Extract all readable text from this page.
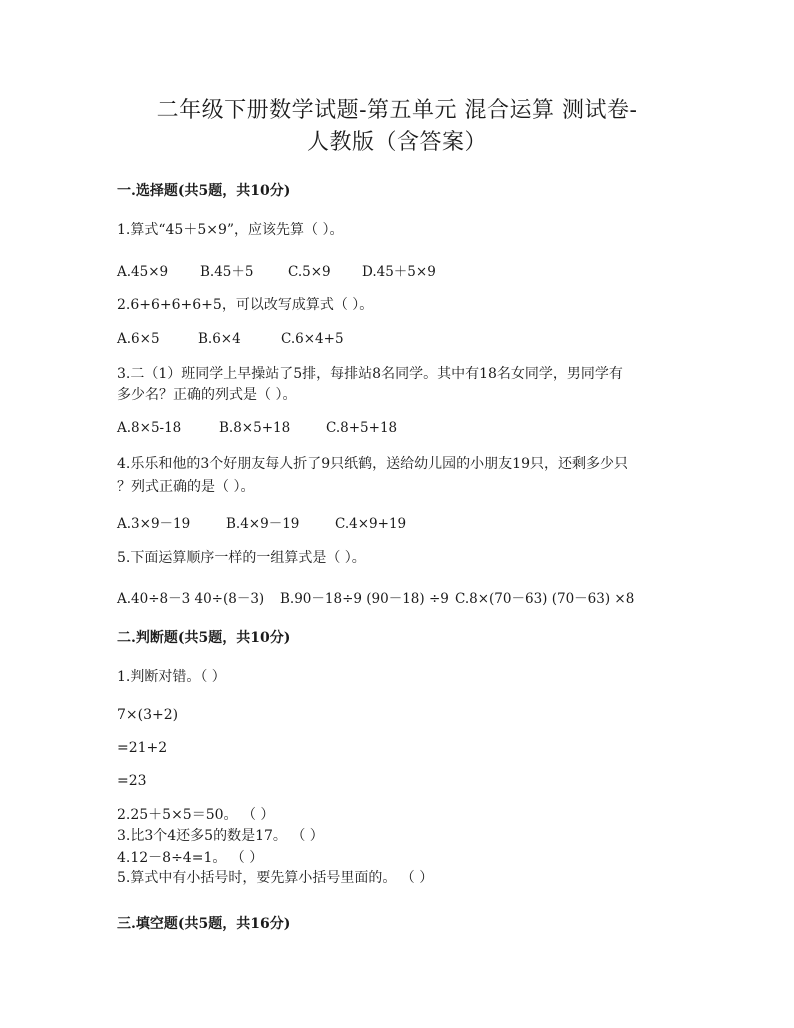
二年级下册数学试题-第五单元 混合运算 测试卷-
人教版（含答案）
一.选择题(共5题，共10分)
1.算式“45＋5×9”，应该先算（ ）。
A.45×9 B.45＋5	C.5×9 D.45＋5×9
2.6+6+6+6+5，可以改写成算式（ ）。
A.6×5	B.6×4	C.6×4+5
3.二（1）班同学上早操站了5排，每排站8名同学。其中有18名女同学，男同学有
多少名？正确的列式是（ ）。
A.8×5-18	B.8×5+18	C.8+5+18
4.乐乐和他的3个好朋友每人折了9只纸鹤，送给幼儿园的小朋友19只，还剩多少只
？列式正确的是（ ）。
A.3×9－19	B.4×9－19	C.4×9+19
5.下面运算顺序一样的一组算式是（ ）。
A.40÷8－3 40÷(8－3) B.90－18÷9 (90－18) ÷9 C.8×(70－63) (70－63) ×8
二.判断题(共5题，共10分)
1.判断对错。（ ）
7×(3+2)
=21+2
=23
2.25＋5×5＝50。 （ ）
3.比3个4还多5的数是17。 （ ）
4.12－8÷4=1。 （ ）
5.算式中有小括号时，要先算小括号里面的。 （ ）
三.填空题(共5题，共16分)
